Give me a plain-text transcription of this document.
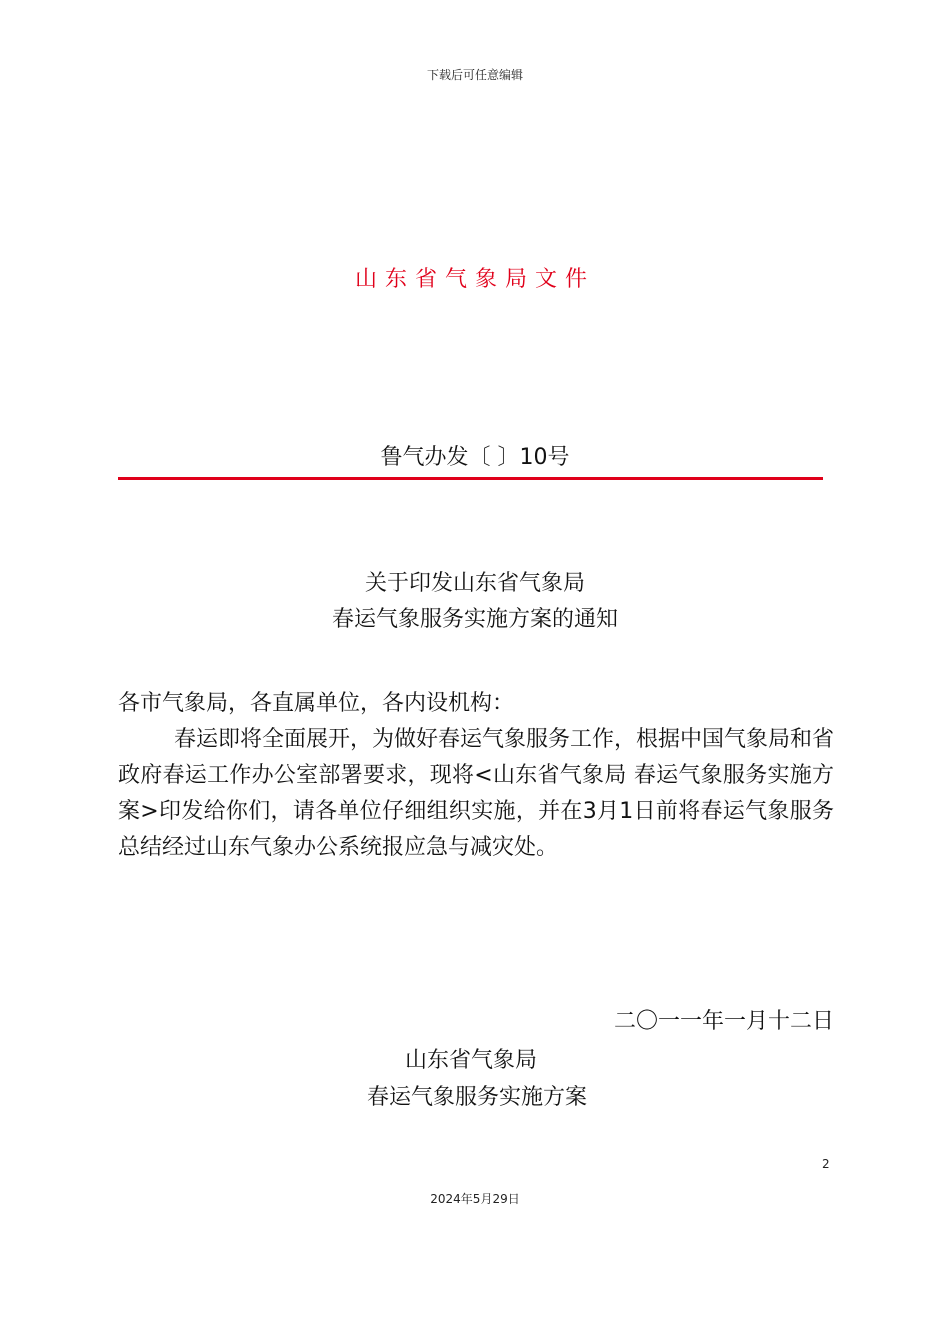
下载后可任意编辑
山东省气象局文件
鲁气办发〔 〕10号
关于印发山东省气象局
春运气象服务实施方案的通知

各市气象局，各直属单位，各内设机构：

春运即将全面展开，为做好春运气象服务工作，根据中国气象局和省政府春运工作办公室部署要求，现将<山东省气象局 春运气象服务实施方案>印发给你们，请各单位仔细组织实施，并在3月1日前将春运气象服务总结经过山东气象办公系统报应急与减灾处。

二〇一一年一月十二日
山东省气象局
春运气象服务实施方案
2
2024年5月29日
